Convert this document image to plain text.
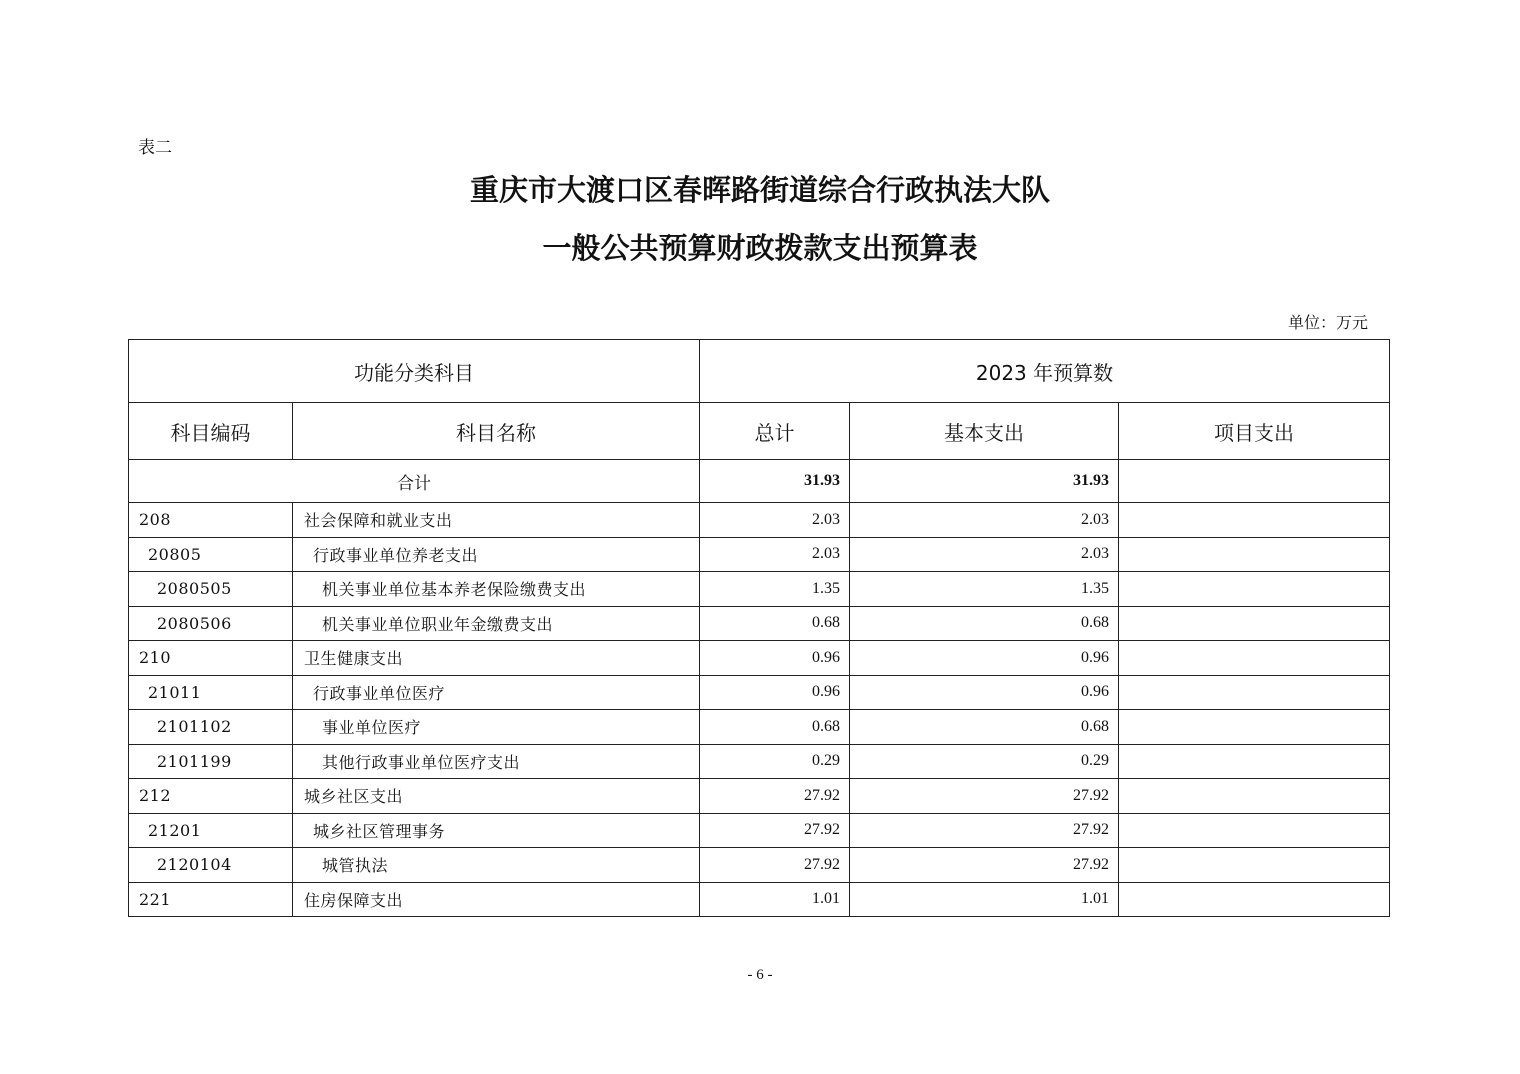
表二
重庆市大渡口区春晖路街道综合行政执法大队
一般公共预算财政拨款支出预算表
单位：万元
功能分类科目		2023 年预算数		
科目编码	科目名称	总计	基本支出	项目支出
合计		31.93	31.93	
208	社会保障和就业支出	2.03	2.03	
20805	行政事业单位养老支出	2.03	2.03	
2080505	机关事业单位基本养老保险缴费支出	1.35	1.35	
2080506	机关事业单位职业年金缴费支出	0.68	0.68	
210	卫生健康支出	0.96	0.96	
21011	行政事业单位医疗	0.96	0.96	
2101102	事业单位医疗	0.68	0.68	
2101199	其他行政事业单位医疗支出	0.29	0.29	
212	城乡社区支出	27.92	27.92	
21201	城乡社区管理事务	27.92	27.92	
2120104	城管执法	27.92	27.92	
221	住房保障支出	1.01	1.01	
- 6 -
